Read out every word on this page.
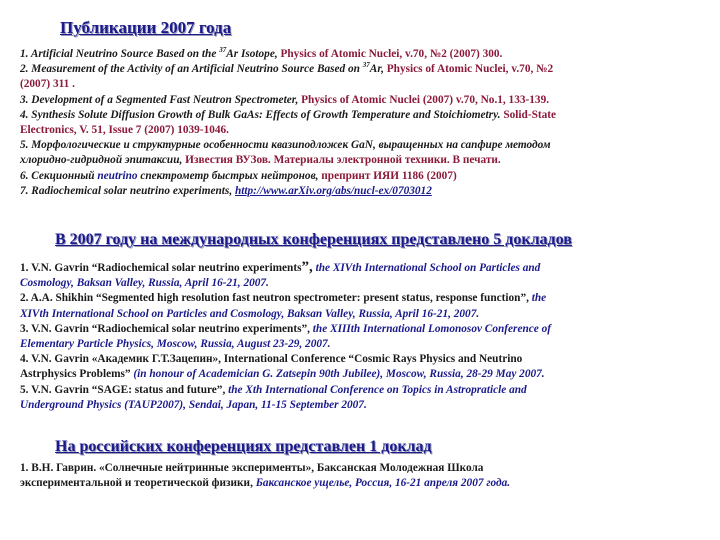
Публикации 2007 года
1. Artificial Neutrino Source Based on the $^{37}$Ar Isotope, Physics of Atomic Nuclei, v.70, №2 (2007) 300.
2. Measurement of the Activity of an Artificial Neutrino Source Based on $^{37}$Ar, Physics of Atomic Nuclei, v.70, №2
(2007) 311 .
3. Development of a Segmented Fast Neutron Spectrometer, Physics of Atomic Nuclei (2007) v.70, No.1, 133-139.
4. Synthesis Solute Diffusion Growth of Bulk GaAs: Effects of Growth Temperature and Stoichiometry. Solid-State
Electronics, V. 51, Issue 7 (2007) 1039-1046.
5. Морфологические и структурные особенности квазиподложек GaN, выращенных на сапфире методом
хлоридно-гидридной эпитаксии, Известия ВУЗов. Материалы электронной техники. В печати.
6. Секционный neutrino спектрометр быстрых нейтронов, препринт ИЯИ 1186 (2007)
7. Radiochemical solar neutrino experiments, http://www.arXiv.org/abs/nucl-ex/0703012
В 2007 году на международных конференциях представлено 5 докладов
1. V.N. Gavrin “Radiochemical solar neutrino experiments”, the XIVth International School on Particles and
Cosmology, Baksan Valley, Russia, April 16-21, 2007.
2. A.A. Shikhin “Segmented high resolution fast neutron spectrometer: present status, response function”, the
XIVth International School on Particles and Cosmology, Baksan Valley, Russia, April 16-21, 2007.
3. V.N. Gavrin “Radiochemical solar neutrino experiments”, the XIIIth International Lomonosov Conference of
Elementary Particle Physics, Moscow, Russia, August 23-29, 2007.
4. V.N. Gavrin «Академик Г.Т.Зацепин», International Conference “Cosmic Rays Physics and Neutrino
Astrphysics Problems” (in honour of Academician G. Zatsepin 90th Jubilee), Moscow, Russia, 28-29 May 2007.
5. V.N. Gavrin “SAGE: status and future”, the Xth International Conference on Topics in Astropraticle and
Underground Physics (TAUP2007), Sendai, Japan, 11-15 September 2007.
На российских конференциях представлен 1 доклад
1. В.Н. Гаврин. «Солнечные нейтринные эксперименты», Баксанская Молодежная Школа
экспериментальной и теоретической физики, Баксанское ущелье, Россия, 16-21 апреля 2007 года.
